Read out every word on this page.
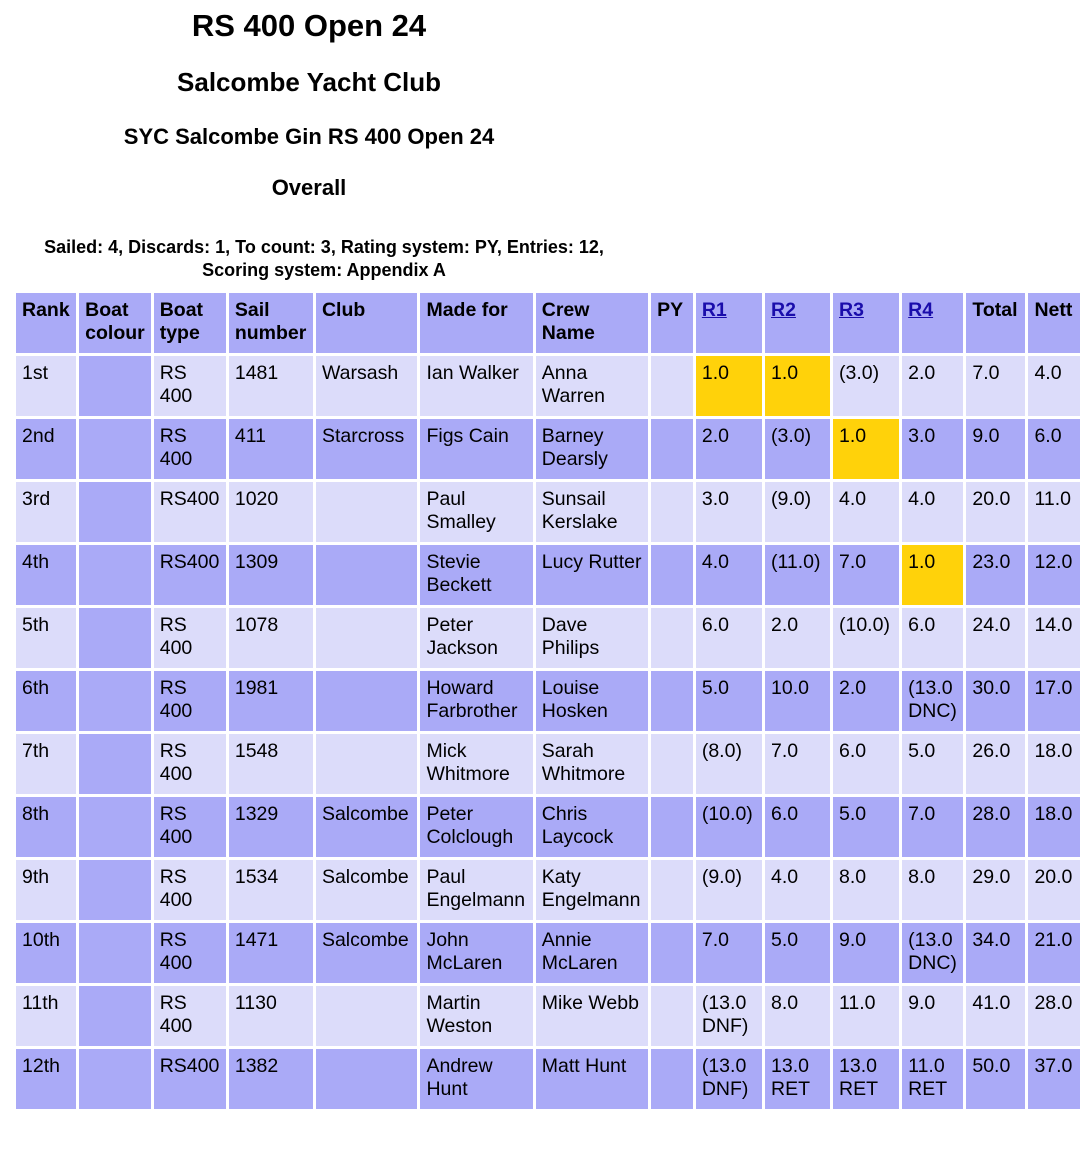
RS 400 Open 24
Salcombe Yacht Club
SYC Salcombe Gin RS 400 Open 24
Overall

Sailed: 4, Discards: 1, To count: 3, Rating system: PY, Entries: 12, Scoring system: Appendix A

Rank	Boat colour	Boat type	Sail number	Club	Made for	Crew Name	PY	R1	R2	R3	R4	Total	Nett
1st		RS 400	1481	Warsash	Ian Walker	Anna Warren		1.0	1.0	(3.0)	2.0	7.0	4.0
2nd		RS 400	411	Starcross	Figs Cain	Barney Dearsly		2.0	(3.0)	1.0	3.0	9.0	6.0
3rd		RS400	1020		Paul Smalley	Sunsail Kerslake		3.0	(9.0)	4.0	4.0	20.0	11.0
4th		RS400	1309		Stevie Beckett	Lucy Rutter		4.0	(11.0)	7.0	1.0	23.0	12.0
5th		RS 400	1078		Peter Jackson	Dave Philips		6.0	2.0	(10.0)	6.0	24.0	14.0
6th		RS 400	1981		Howard Farbrother	Louise Hosken		5.0	10.0	2.0	(13.0 DNC)	30.0	17.0
7th		RS 400	1548		Mick Whitmore	Sarah Whitmore		(8.0)	7.0	6.0	5.0	26.0	18.0
8th		RS 400	1329	Salcombe	Peter Colclough	Chris Laycock		(10.0)	6.0	5.0	7.0	28.0	18.0
9th		RS 400	1534	Salcombe	Paul Engelmann	Katy Engelmann		(9.0)	4.0	8.0	8.0	29.0	20.0
10th		RS 400	1471	Salcombe	John McLaren	Annie McLaren		7.0	5.0	9.0	(13.0 DNC)	34.0	21.0
11th		RS 400	1130		Martin Weston	Mike Webb		(13.0 DNF)	8.0	11.0	9.0	41.0	28.0
12th		RS400	1382		Andrew Hunt	Matt Hunt		(13.0 DNF)	13.0 RET	13.0 RET	11.0 RET	50.0	37.0
